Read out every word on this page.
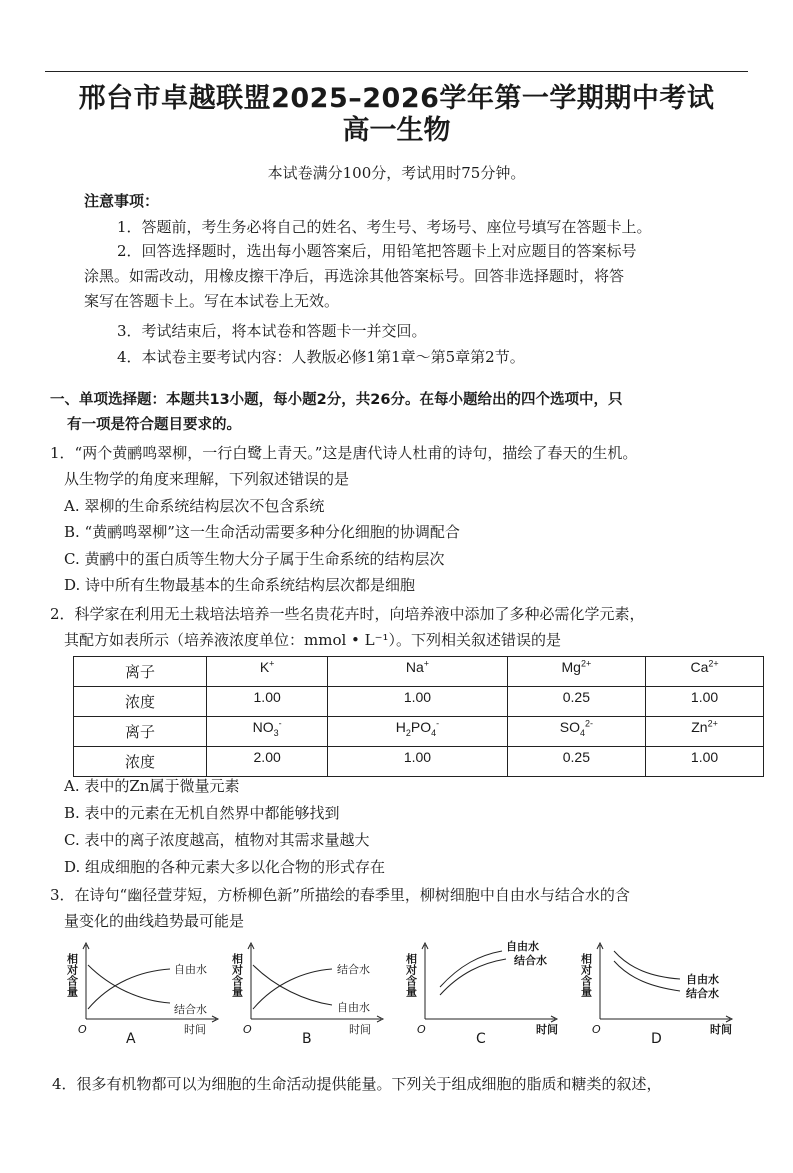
邢台市卓越联盟2025–2026学年第一学期期中考试
高一生物
本试卷满分100分，考试用时75分钟。
注意事项：
1．答题前，考生务必将自己的姓名、考生号、考场号、座位号填写在答题卡上。
2．回答选择题时，选出每小题答案后，用铅笔把答题卡上对应题目的答案标号
涂黑。如需改动，用橡皮擦干净后，再选涂其他答案标号。回答非选择题时，将答
案写在答题卡上。写在本试卷上无效。
3．考试结束后，将本试卷和答题卡一并交回。
4．本试卷主要考试内容：人教版必修1第1章～第5章第2节。
一、单项选择题：本题共13小题，每小题2分，共26分。在每小题给出的四个选项中，只
有一项是符合题目要求的。
1．“两个黄鹂鸣翠柳，一行白鹭上青天。”这是唐代诗人杜甫的诗句，描绘了春天的生机。
从生物学的角度来理解，下列叙述错误的是
A. 翠柳的生命系统结构层次不包含系统
B. “黄鹂鸣翠柳”这一生命活动需要多种分化细胞的协调配合
C. 黄鹂中的蛋白质等生物大分子属于生命系统的结构层次
D. 诗中所有生物最基本的生命系统结构层次都是细胞
2．科学家在利用无土栽培法培养一些名贵花卉时，向培养液中添加了多种必需化学元素，
其配方如表所示（培养液浓度单位：mmol • L⁻¹）。下列相关叙述错误的是
离子	K+	Na+	$Mg^{2+}$	$Ca^{2+}$
浓度	1.00	1.00	0.25	1.00
离子	$NO_3^-$	$H_2PO_4^-$	$SO_4^{2-}$	$Zn^{2+}$
浓度	2.00	1.00	0.25	1.00
A. 表中的Zn属于微量元素
B. 表中的元素在无机自然界中都能够找到
C. 表中的离子浓度越高，植物对其需求量越大
D. 组成细胞的各种元素大多以化合物的形式存在
3．在诗句“幽径萱芽短，方桥柳色新”所描绘的春季里，柳树细胞中自由水与结合水的含
量变化的曲线趋势最可能是
相对含量
O
自由水
结合水
时间
A
相对含量
O
结合水
自由水
时间
B
相对含量
O
自由水
结合水
时间
C
相对含量
O
自由水
结合水
时间
D
4．很多有机物都可以为细胞的生命活动提供能量。下列关于组成细胞的脂质和糖类的叙述，
